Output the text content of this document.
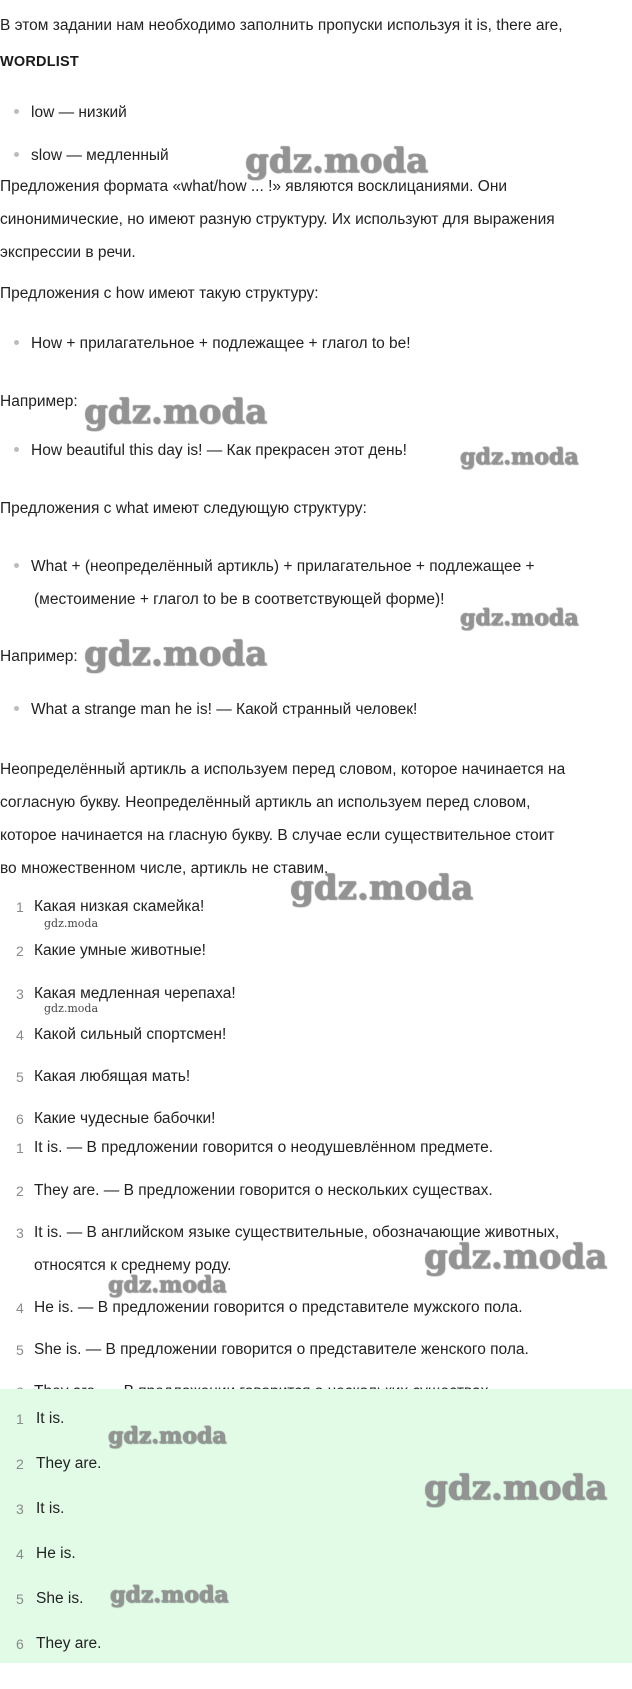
В этом задании нам необходимо заполнить пропуски используя it is, there are,
WORDLIST
low — низкий
slow — медленный
Предложения формата «what/how ... !» являются восклицаниями. Они
синонимические, но имеют разную структуру. Их используют для выражения
экспрессии в речи.
Предложения с how имеют такую структуру:
How + прилагательное + подлежащее + глагол to be!
Например:
How beautiful this day is! — Как прекрасен этот день!
Предложения с what имеют следующую структуру:
What + (неопределённый артикль) + прилагательное + подлежащее +
(местоимение + глагол to be в соответствующей форме)!
Например:
What a strange man he is! — Какой странный человек!
Неопределённый артикль a используем перед словом, которое начинается на
согласную букву. Неопределённый артикль an используем перед словом,
которое начинается на гласную букву. В случае если существительное стоит
во множественном числе, артикль не ставим.
1 Какая низкая скамейка!
2 Какие умные животные!
3 Какая медленная черепаха!
4 Какой сильный спортсмен!
5 Какая любящая мать!
6 Какие чудесные бабочки!
1 It is. — В предложении говорится о неодушевлённом предмете.
2 They are. — В предложении говорится о нескольких существах.
3 It is. — В английском языке существительные, обозначающие животных,
относятся к среднему роду.
4 He is. — В предложении говорится о представителе мужского пола.
5 She is. — В предложении говорится о представителе женского пола.
1 It is.
2 They are.
3 It is.
4 He is.
5 She is.
6 They are.
gdz.moda
gdz.moda
gdz.moda
gdz.moda
gdz.moda
gdz.moda
gdz.moda
gdz.moda
gdz.moda
gdz.moda
gdz.moda
gdz.moda
gdz.moda
